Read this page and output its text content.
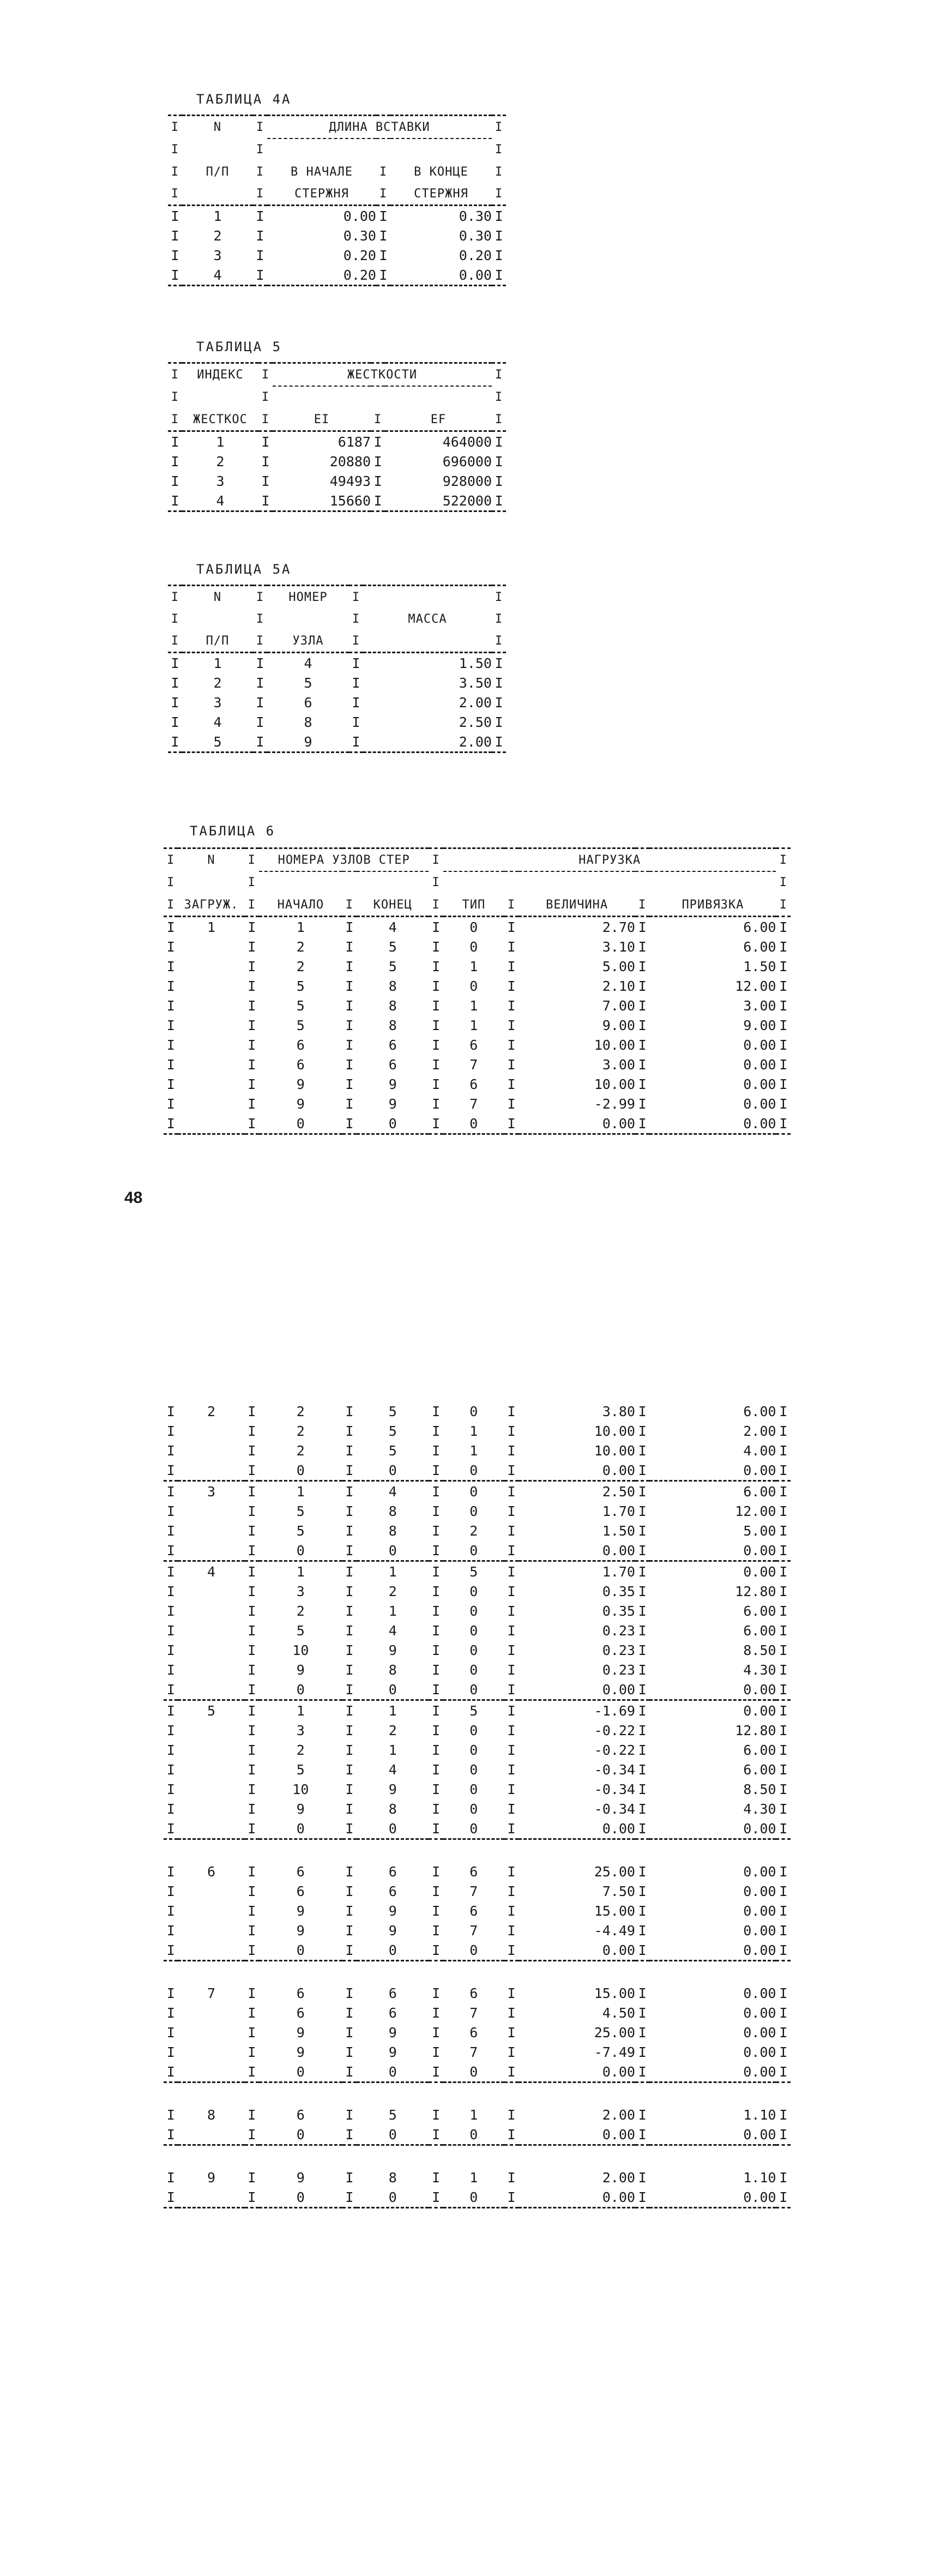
ТАБЛИЦА 4А

I	N	I	ДЛИНА ВСТАВКИ			I
I		I				I
I	П/П	I	В НАЧАЛЕ	I	В КОНЦЕ	I
I		I	СТЕРЖНЯ	I	СТЕРЖНЯ	I

I	1	I	0.00	I	0.30	I
I	2	I	0.30	I	0.30	I
I	3	I	0.20	I	0.20	I
I	4	I	0.20	I	0.00	I

ТАБЛИЦА 5

I	ИНДЕКС	I	ЖЕСТКОСТИ			I
I		I				I
I	ЖЕСТКОС	I	EI	I	EF	I

I	1	I	6187	I	464000	I
I	2	I	20880	I	696000	I
I	3	I	49493	I	928000	I
I	4	I	15660	I	522000	I

ТАБЛИЦА 5А

I	N	I	НОМЕР	I		I
I		I		I	МАССА	I
I	П/П	I	УЗЛА	I		I

I	1	I	4	I	1.50	I
I	2	I	5	I	3.50	I
I	3	I	6	I	2.00	I
I	4	I	8	I	2.50	I
I	5	I	9	I	2.00	I

ТАБЛИЦА 6

I	N	I	НОМЕРА УЗЛОВ СТЕР			I	НАГРУЗКА					I
I		I				I						I
I	ЗАГРУЖ.	I	НАЧАЛО	I	КОНЕЦ	I	ТИП	I	ВЕЛИЧИНА	I	ПРИВЯЗКА	I

I	1	I	1	I	4	I	0	I	2.70	I	6.00	I
I		I	2	I	5	I	0	I	3.10	I	6.00	I
I		I	2	I	5	I	1	I	5.00	I	1.50	I
I		I	5	I	8	I	0	I	2.10	I	12.00	I
I		I	5	I	8	I	1	I	7.00	I	3.00	I
I		I	5	I	8	I	1	I	9.00	I	9.00	I
I		I	6	I	6	I	6	I	10.00	I	0.00	I
I		I	6	I	6	I	7	I	3.00	I	0.00	I
I		I	9	I	9	I	6	I	10.00	I	0.00	I
I		I	9	I	9	I	7	I	-2.99	I	0.00	I
I		I	0	I	0	I	0	I	0.00	I	0.00	I

48
I	2	I	2	I	5	I	0	I	3.80	I	6.00	I
I		I	2	I	5	I	1	I	10.00	I	2.00	I
I		I	2	I	5	I	1	I	10.00	I	4.00	I
I		I	0	I	0	I	0	I	0.00	I	0.00	I

I	3	I	1	I	4	I	0	I	2.50	I	6.00	I
I		I	5	I	8	I	0	I	1.70	I	12.00	I
I		I	5	I	8	I	2	I	1.50	I	5.00	I
I		I	0	I	0	I	0	I	0.00	I	0.00	I

I	4	I	1	I	1	I	5	I	1.70	I	0.00	I
I		I	3	I	2	I	0	I	0.35	I	12.80	I
I		I	2	I	1	I	0	I	0.35	I	6.00	I
I		I	5	I	4	I	0	I	0.23	I	6.00	I
I		I	10	I	9	I	0	I	0.23	I	8.50	I
I		I	9	I	8	I	0	I	0.23	I	4.30	I
I		I	0	I	0	I	0	I	0.00	I	0.00	I

I	5	I	1	I	1	I	5	I	-1.69	I	0.00	I
I		I	3	I	2	I	0	I	-0.22	I	12.80	I
I		I	2	I	1	I	0	I	-0.22	I	6.00	I
I		I	5	I	4	I	0	I	-0.34	I	6.00	I
I		I	10	I	9	I	0	I	-0.34	I	8.50	I
I		I	9	I	8	I	0	I	-0.34	I	4.30	I
I		I	0	I	0	I	0	I	0.00	I	0.00	I

I	6	I	6	I	6	I	6	I	25.00	I	0.00	I
I		I	6	I	6	I	7	I	7.50	I	0.00	I
I		I	9	I	9	I	6	I	15.00	I	0.00	I
I		I	9	I	9	I	7	I	-4.49	I	0.00	I
I		I	0	I	0	I	0	I	0.00	I	0.00	I

I	7	I	6	I	6	I	6	I	15.00	I	0.00	I
I		I	6	I	6	I	7	I	4.50	I	0.00	I
I		I	9	I	9	I	6	I	25.00	I	0.00	I
I		I	9	I	9	I	7	I	-7.49	I	0.00	I
I		I	0	I	0	I	0	I	0.00	I	0.00	I

I	8	I	6	I	5	I	1	I	2.00	I	1.10	I
I		I	0	I	0	I	0	I	0.00	I	0.00	I

I	9	I	9	I	8	I	1	I	2.00	I	1.10	I
I		I	0	I	0	I	0	I	0.00	I	0.00	I
